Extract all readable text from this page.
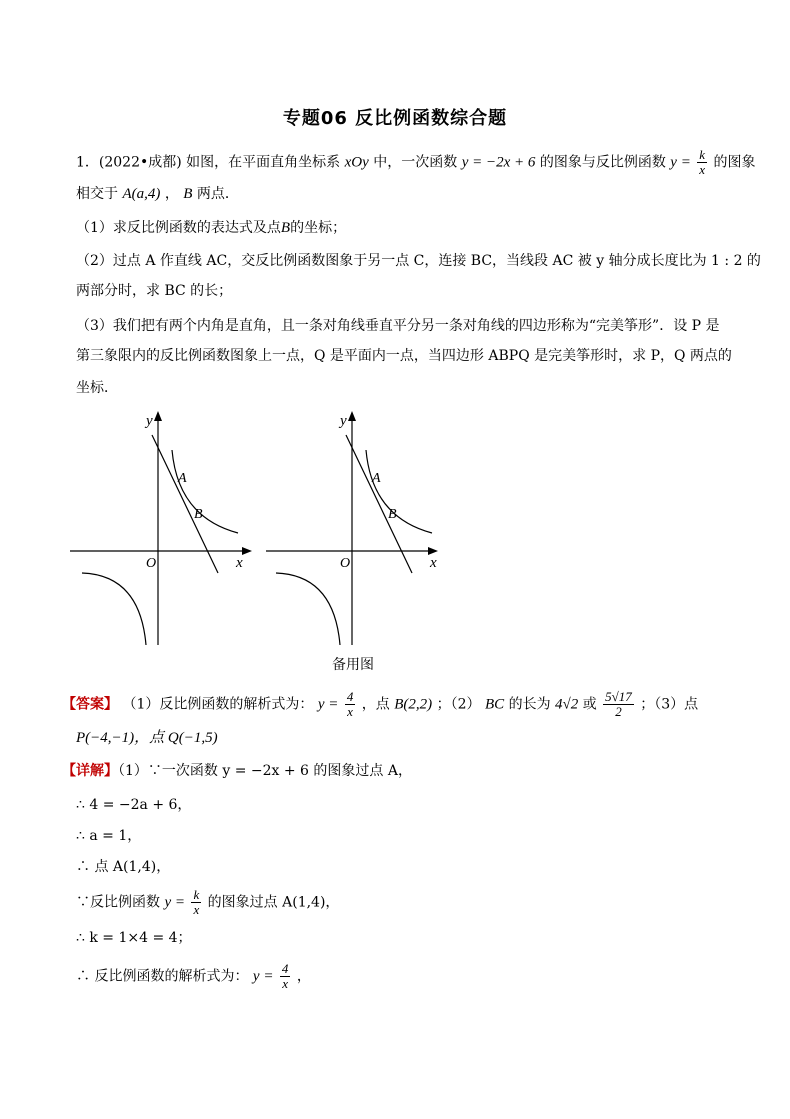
专题06 反比例函数综合题
1．(2022•成都) 如图，在平面直角坐标系 xOy 中，一次函数 y = −2x + 6 的图象与反比例函数 $y = \frac{k}{x}$ 的图象
相交于 A(a,4) ， B 两点．
（1）求反比例函数的表达式及点B的坐标；
（2）过点 A 作直线 AC，交反比例函数图象于另一点 C，连接 BC，当线段 AC 被 y 轴分成长度比为 1 : 2 的
两部分时，求 BC 的长；
（3）我们把有两个内角是直角，且一条对角线垂直平分另一条对角线的四边形称为“完美筝形”．设 P 是
第三象限内的反比例函数图象上一点，Q 是平面内一点，当四边形 ABPQ 是完美筝形时，求 P，Q 两点的
坐标．
y
x
O
A
B
y
x
O
A
B
备用图
【答案】 （1）反比例函数的解析式为： $y = \frac{4}{x}$ ，点 B(2,2) ；（2） BC 的长为 4√2 或 $\frac{5√17}{2}$ ；（3）点
P(−4,−1)，点 Q(−1,5)
【详解】（1）∵一次函数 y = −2x + 6 的图象过点 A，
∴ 4 = −2a + 6，
∴ a = 1，
∴ 点 A(1,4)，
∵反比例函数 $y = \frac{k}{x}$ 的图象过点 A(1,4)，
∴ k = 1×4 = 4；
∴ 反比例函数的解析式为： $y = \frac{4}{x}$ ，
